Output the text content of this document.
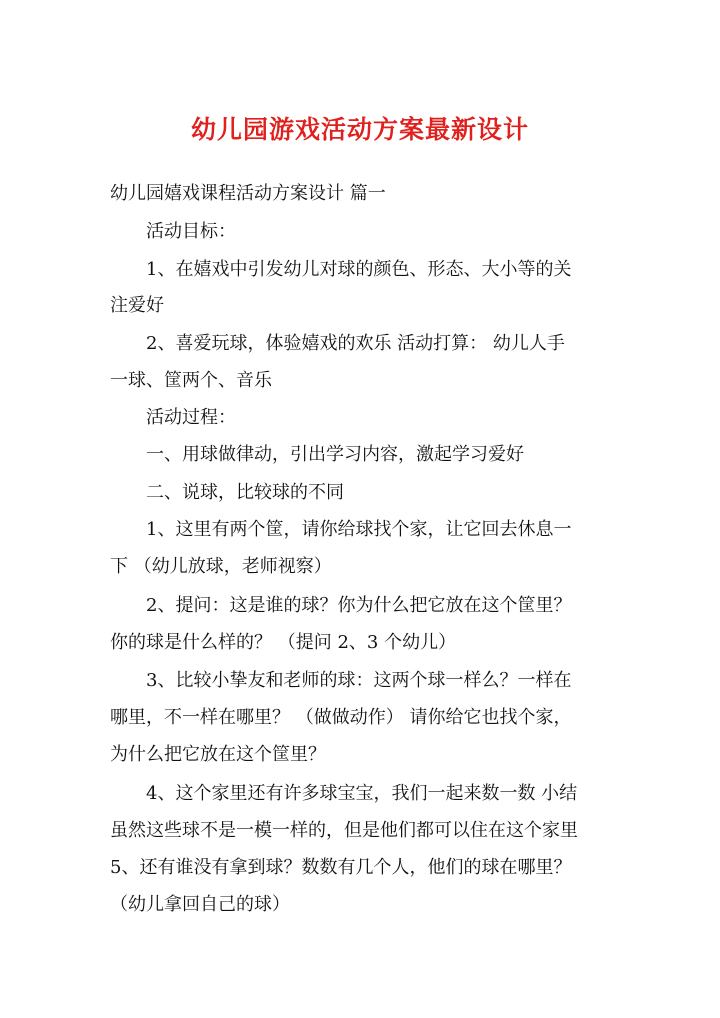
幼儿园游戏活动方案最新设计
幼儿园嬉戏课程活动方案设计 篇一
活动目标：
1、在嬉戏中引发幼儿对球的颜色、形态、大小等的关
注爱好
2、喜爱玩球，体验嬉戏的欢乐 活动打算： 幼儿人手
一球、筐两个、音乐
活动过程：
一、用球做律动，引出学习内容，激起学习爱好
二、说球，比较球的不同
1、这里有两个筐，请你给球找个家，让它回去休息一
下 （幼儿放球，老师视察）
2、提问：这是谁的球？你为什么把它放在这个筐里？
你的球是什么样的？ （提问 2、3 个幼儿）
3、比较小挚友和老师的球：这两个球一样么？一样在
哪里，不一样在哪里？ （做做动作） 请你给它也找个家，
为什么把它放在这个筐里？
4、这个家里还有许多球宝宝，我们一起来数一数 小结
虽然这些球不是一模一样的，但是他们都可以住在这个家里
5、还有谁没有拿到球？数数有几个人，他们的球在哪里？
（幼儿拿回自己的球）
